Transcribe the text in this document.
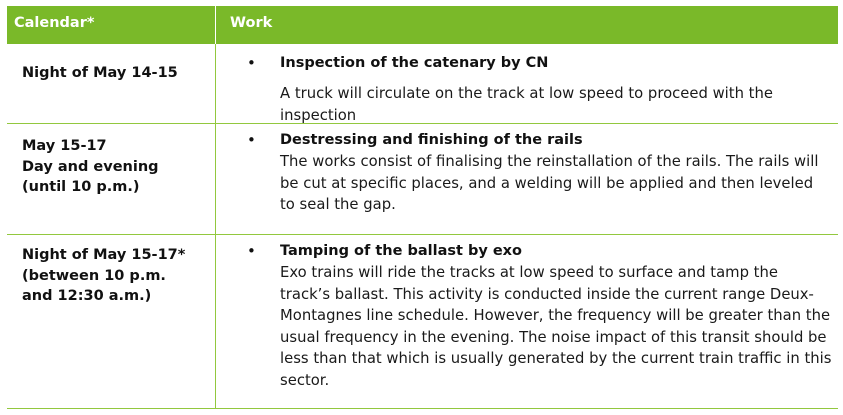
Calendar*	Work
Night of May 14-15
• Inspection of the catenary by CN
A truck will circulate on the track at low speed to proceed with the inspection
May 15-17
Day and evening
(until 10 p.m.)
• Destressing and finishing of the rails
The works consist of finalising the reinstallation of the rails. The rails will be cut at specific places, and a welding will be applied and then leveled to seal the gap.
Night of May 15-17*
(between 10 p.m.
and 12:30 a.m.)
• Tamping of the ballast by exo
Exo trains will ride the tracks at low speed to surface and tamp the track’s ballast. This activity is conducted inside the current range Deux-Montagnes line schedule. However, the frequency will be greater than the usual frequency in the evening. The noise impact of this transit should be less than that which is usually generated by the current train traffic in this sector.
